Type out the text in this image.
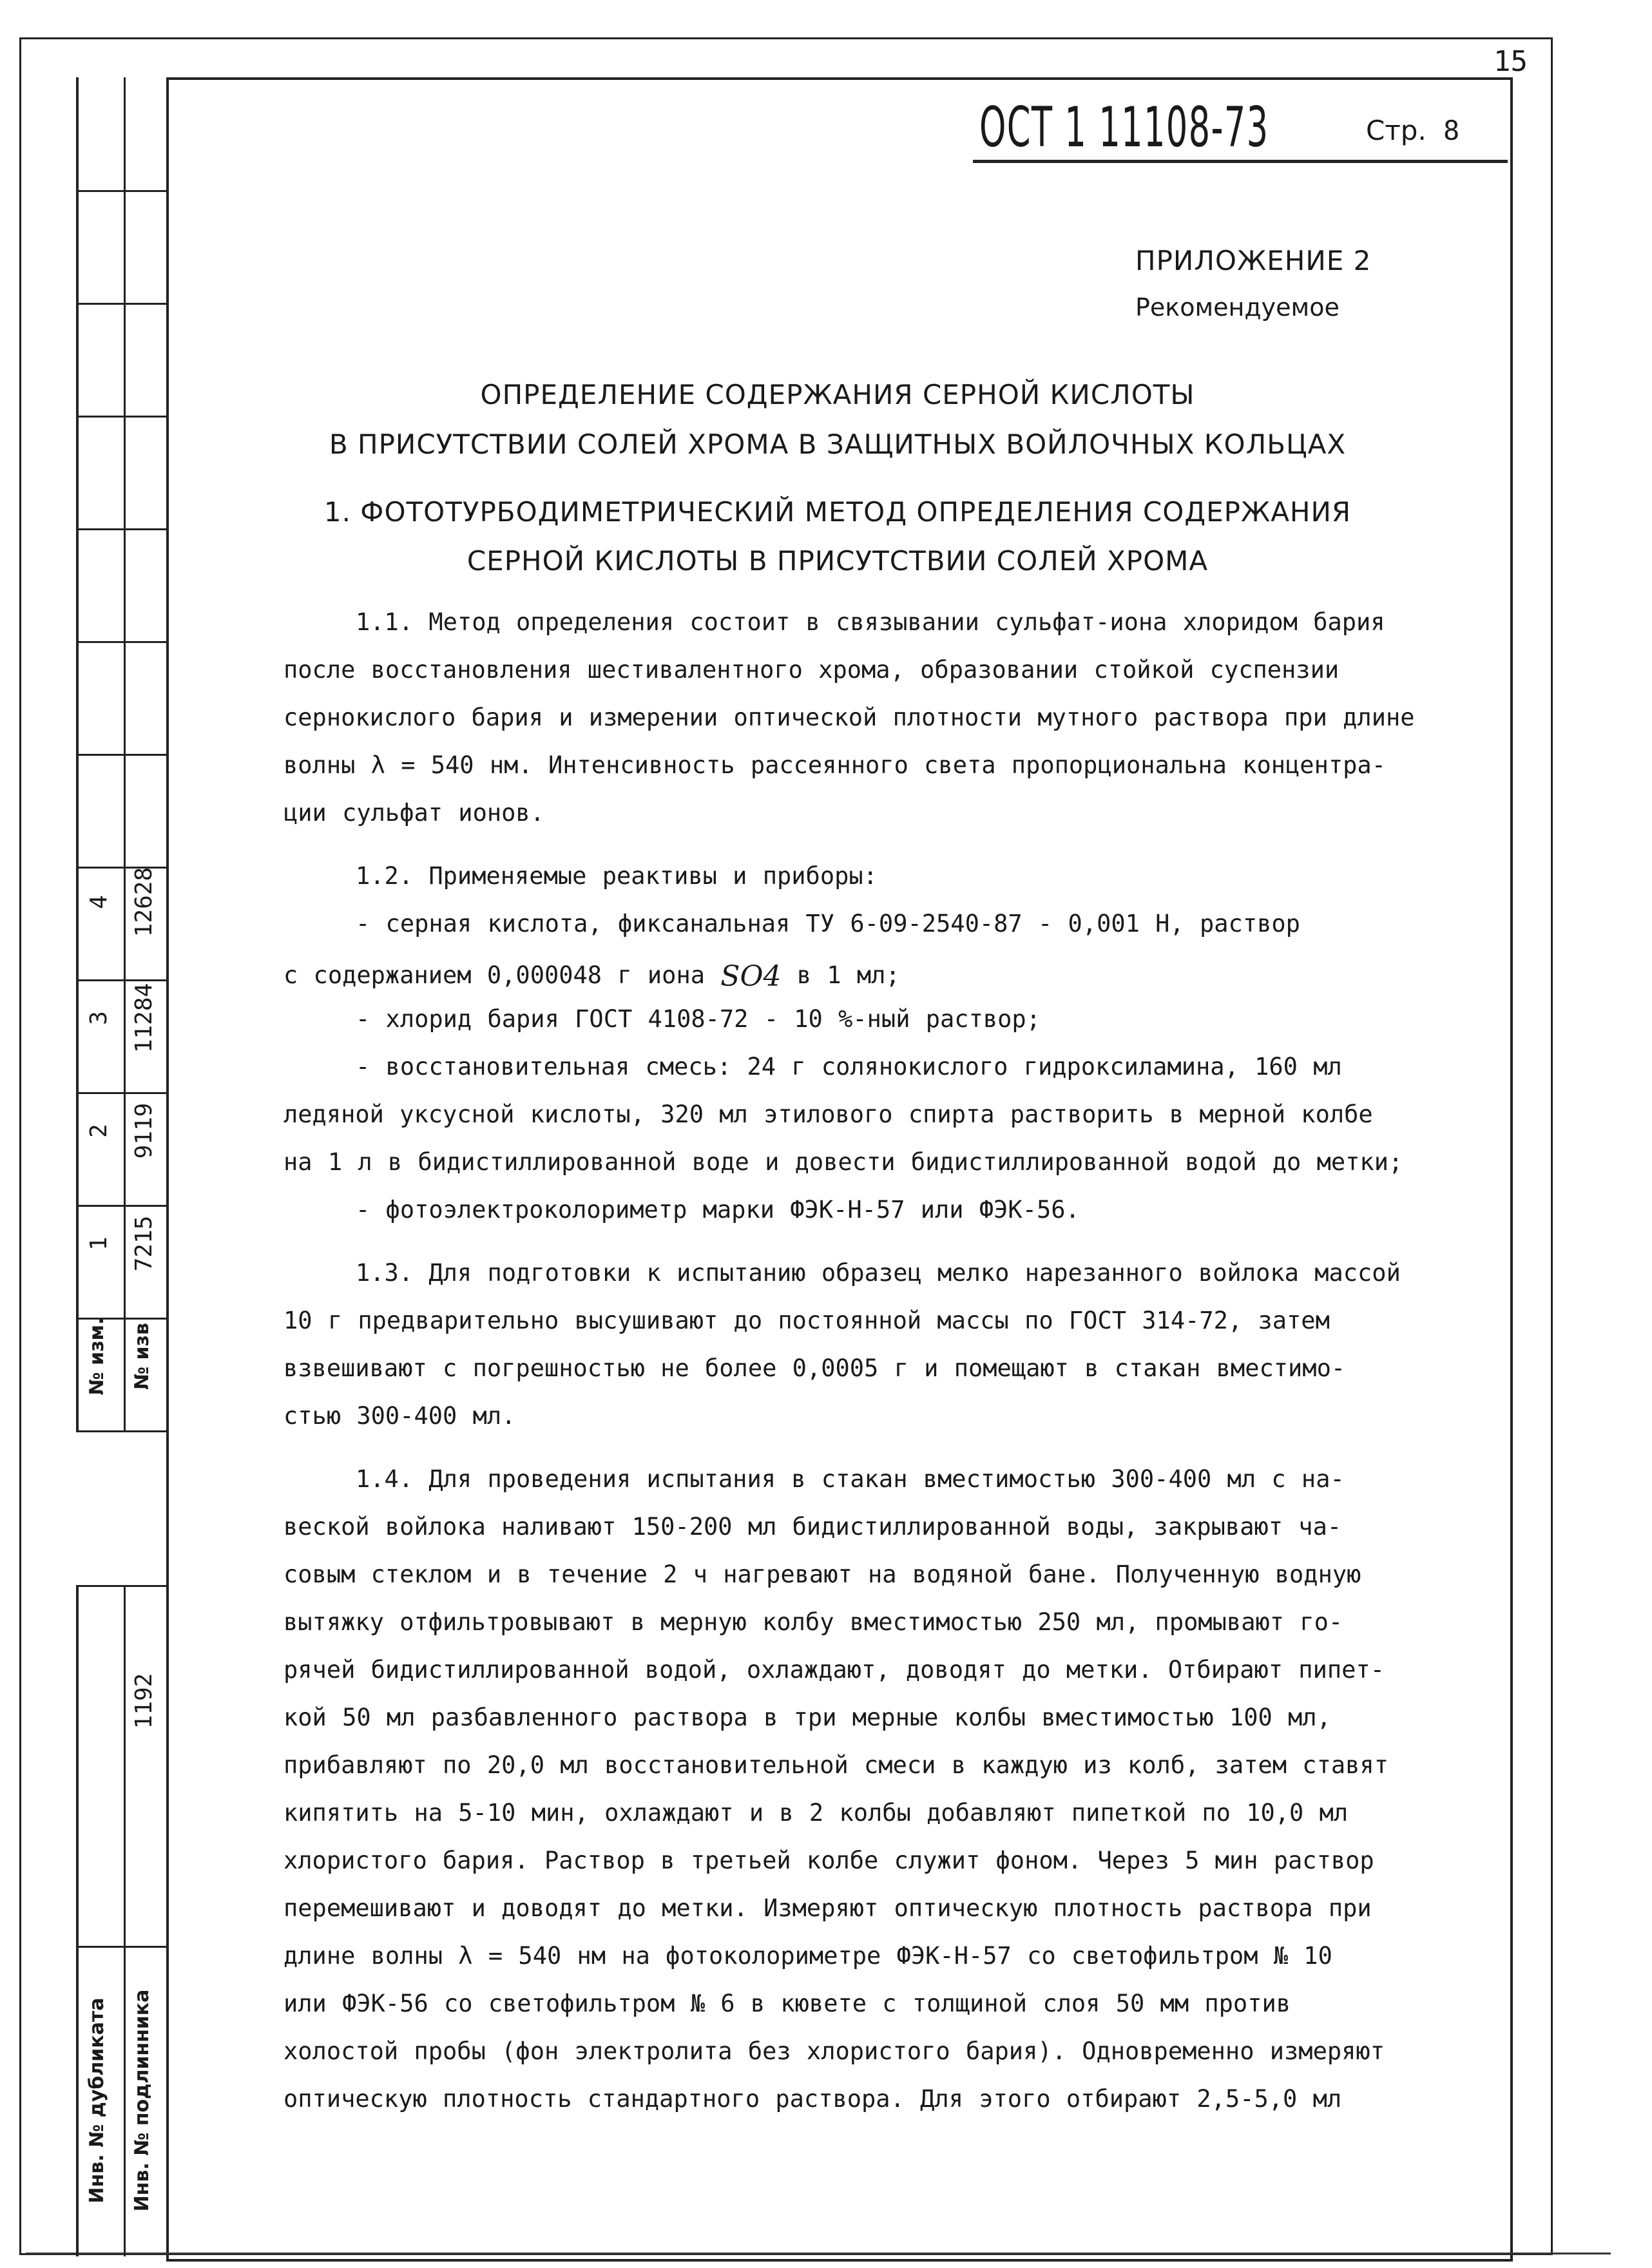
15
ОСТ 1 11108-73	Стр. 8
ПРИЛОЖЕНИЕ 2
Рекомендуемое
ОПРЕДЕЛЕНИЕ СОДЕРЖАНИЯ СЕРНОЙ КИСЛОТЫ
В ПРИСУТСТВИИ СОЛЕЙ ХРОМА В ЗАЩИТНЫХ ВОЙЛОЧНЫХ КОЛЬЦАХ
1. ФОТОТУРБОДИМЕТРИЧЕСКИЙ МЕТОД ОПРЕДЕЛЕНИЯ СОДЕРЖАНИЯ
СЕРНОЙ КИСЛОТЫ В ПРИСУТСТВИИ СОЛЕЙ ХРОМА
1.1. Метод определения состоит в связывании сульфат-иона хлоридом бария
после восстановления шестивалентного хрома, образовании стойкой суспензии
сернокислого бария и измерении оптической плотности мутного раствора при длине
волны λ = 540 нм. Интенсивность рассеянного света пропорциональна концентра-
ции сульфат ионов.
1.2. Применяемые реактивы и приборы:
- серная кислота, фиксанальная ТУ 6-09-2540-87 - 0,001 Н, раствор
с содержанием 0,000048 г иона SO4 в 1 мл;
- хлорид бария ГОСТ 4108-72 - 10 %-ный раствор;
- восстановительная смесь: 24 г солянокислого гидроксиламина, 160 мл
ледяной уксусной кислоты, 320 мл этилового спирта растворить в мерной колбе
на 1 л в бидистиллированной воде и довести бидистиллированной водой до метки;
- фотоэлектроколориметр марки ФЭК-Н-57 или ФЭК-56.
1.3. Для подготовки к испытанию образец мелко нарезанного войлока массой
10 г предварительно высушивают до постоянной массы по ГОСТ 314-72, затем
взвешивают с погрешностью не более 0,0005 г и помещают в стакан вместимо-
стью 300-400 мл.
1.4. Для проведения испытания в стакан вместимостью 300-400 мл с на-
веской войлока наливают 150-200 мл бидистиллированной воды, закрывают ча-
совым стеклом и в течение 2 ч нагревают на водяной бане. Полученную водную
вытяжку отфильтровывают в мерную колбу вместимостью 250 мл, промывают го-
рячей бидистиллированной водой, охлаждают, доводят до метки. Отбирают пипет-
кой 50 мл разбавленного раствора в три мерные колбы вместимостью 100 мл,
прибавляют по 20,0 мл восстановительной смеси в каждую из колб, затем ставят
кипятить на 5-10 мин, охлаждают и в 2 колбы добавляют пипеткой по 10,0 мл
хлористого бария. Раствор в третьей колбе служит фоном. Через 5 мин раствор
перемешивают и доводят до метки. Измеряют оптическую плотность раствора при
длине волны λ = 540 нм на фотоколориметре ФЭК-Н-57 со светофильтром № 10
или ФЭК-56 со светофильтром № 6 в кювете с толщиной слоя 50 мм против
холостой пробы (фон электролита без хлористого бария). Одновременно измеряют
оптическую плотность стандартного раствора. Для этого отбирают 2,5-5,0 мл
4 12628
3 11284
2 9119
1 7215
№ изм. № изв
1192
Инв. № дубликата Инв. № подлинника
